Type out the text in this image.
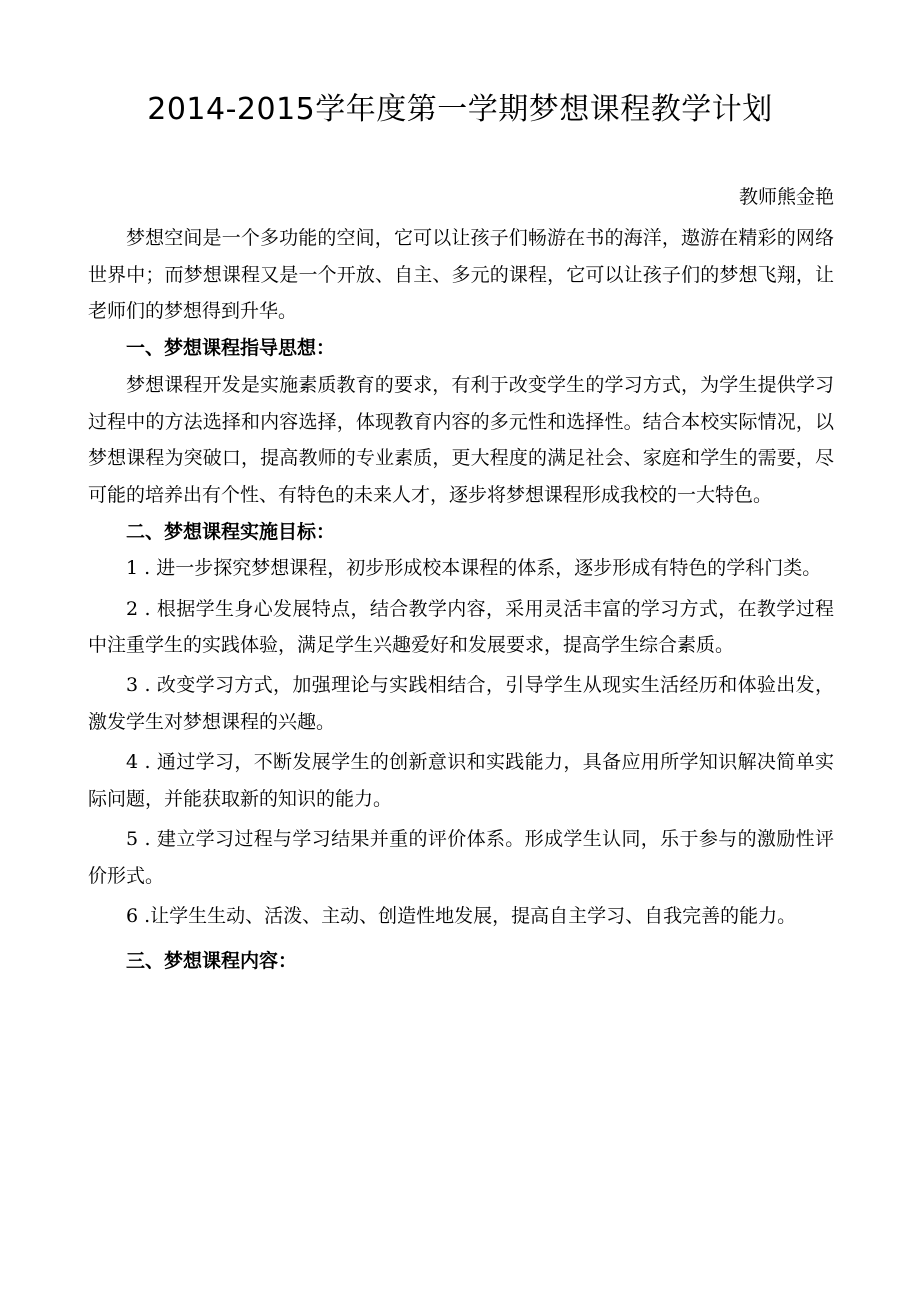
2014-2015学年度第一学期梦想课程教学计划
教师熊金艳

梦想空间是一个多功能的空间，它可以让孩子们畅游在书的海洋，遨游在精彩的网络世界中；而梦想课程又是一个开放、自主、多元的课程，它可以让孩子们的梦想飞翔，让老师们的梦想得到升华。

一、梦想课程指导思想：

梦想课程开发是实施素质教育的要求，有利于改变学生的学习方式，为学生提供学习过程中的方法选择和内容选择，体现教育内容的多元性和选择性。结合本校实际情况，以梦想课程为突破口，提高教师的专业素质，更大程度的满足社会、家庭和学生的需要，尽可能的培养出有个性、有特色的未来人才，逐步将梦想课程形成我校的一大特色。

二、梦想课程实施目标：

1 . 进一步探究梦想课程，初步形成校本课程的体系，逐步形成有特色的学科门类。

2 . 根据学生身心发展特点，结合教学内容，采用灵活丰富的学习方式，在教学过程中注重学生的实践体验，满足学生兴趣爱好和发展要求，提高学生综合素质。

3 . 改变学习方式，加强理论与实践相结合，引导学生从现实生活经历和体验出发，激发学生对梦想课程的兴趣。

4 . 通过学习，不断发展学生的创新意识和实践能力，具备应用所学知识解决简单实际问题，并能获取新的知识的能力。

5 . 建立学习过程与学习结果并重的评价体系。形成学生认同，乐于参与的激励性评价形式。

6 .让学生生动、活泼、主动、创造性地发展，提高自主学习、自我完善的能力。

三、梦想课程内容：
